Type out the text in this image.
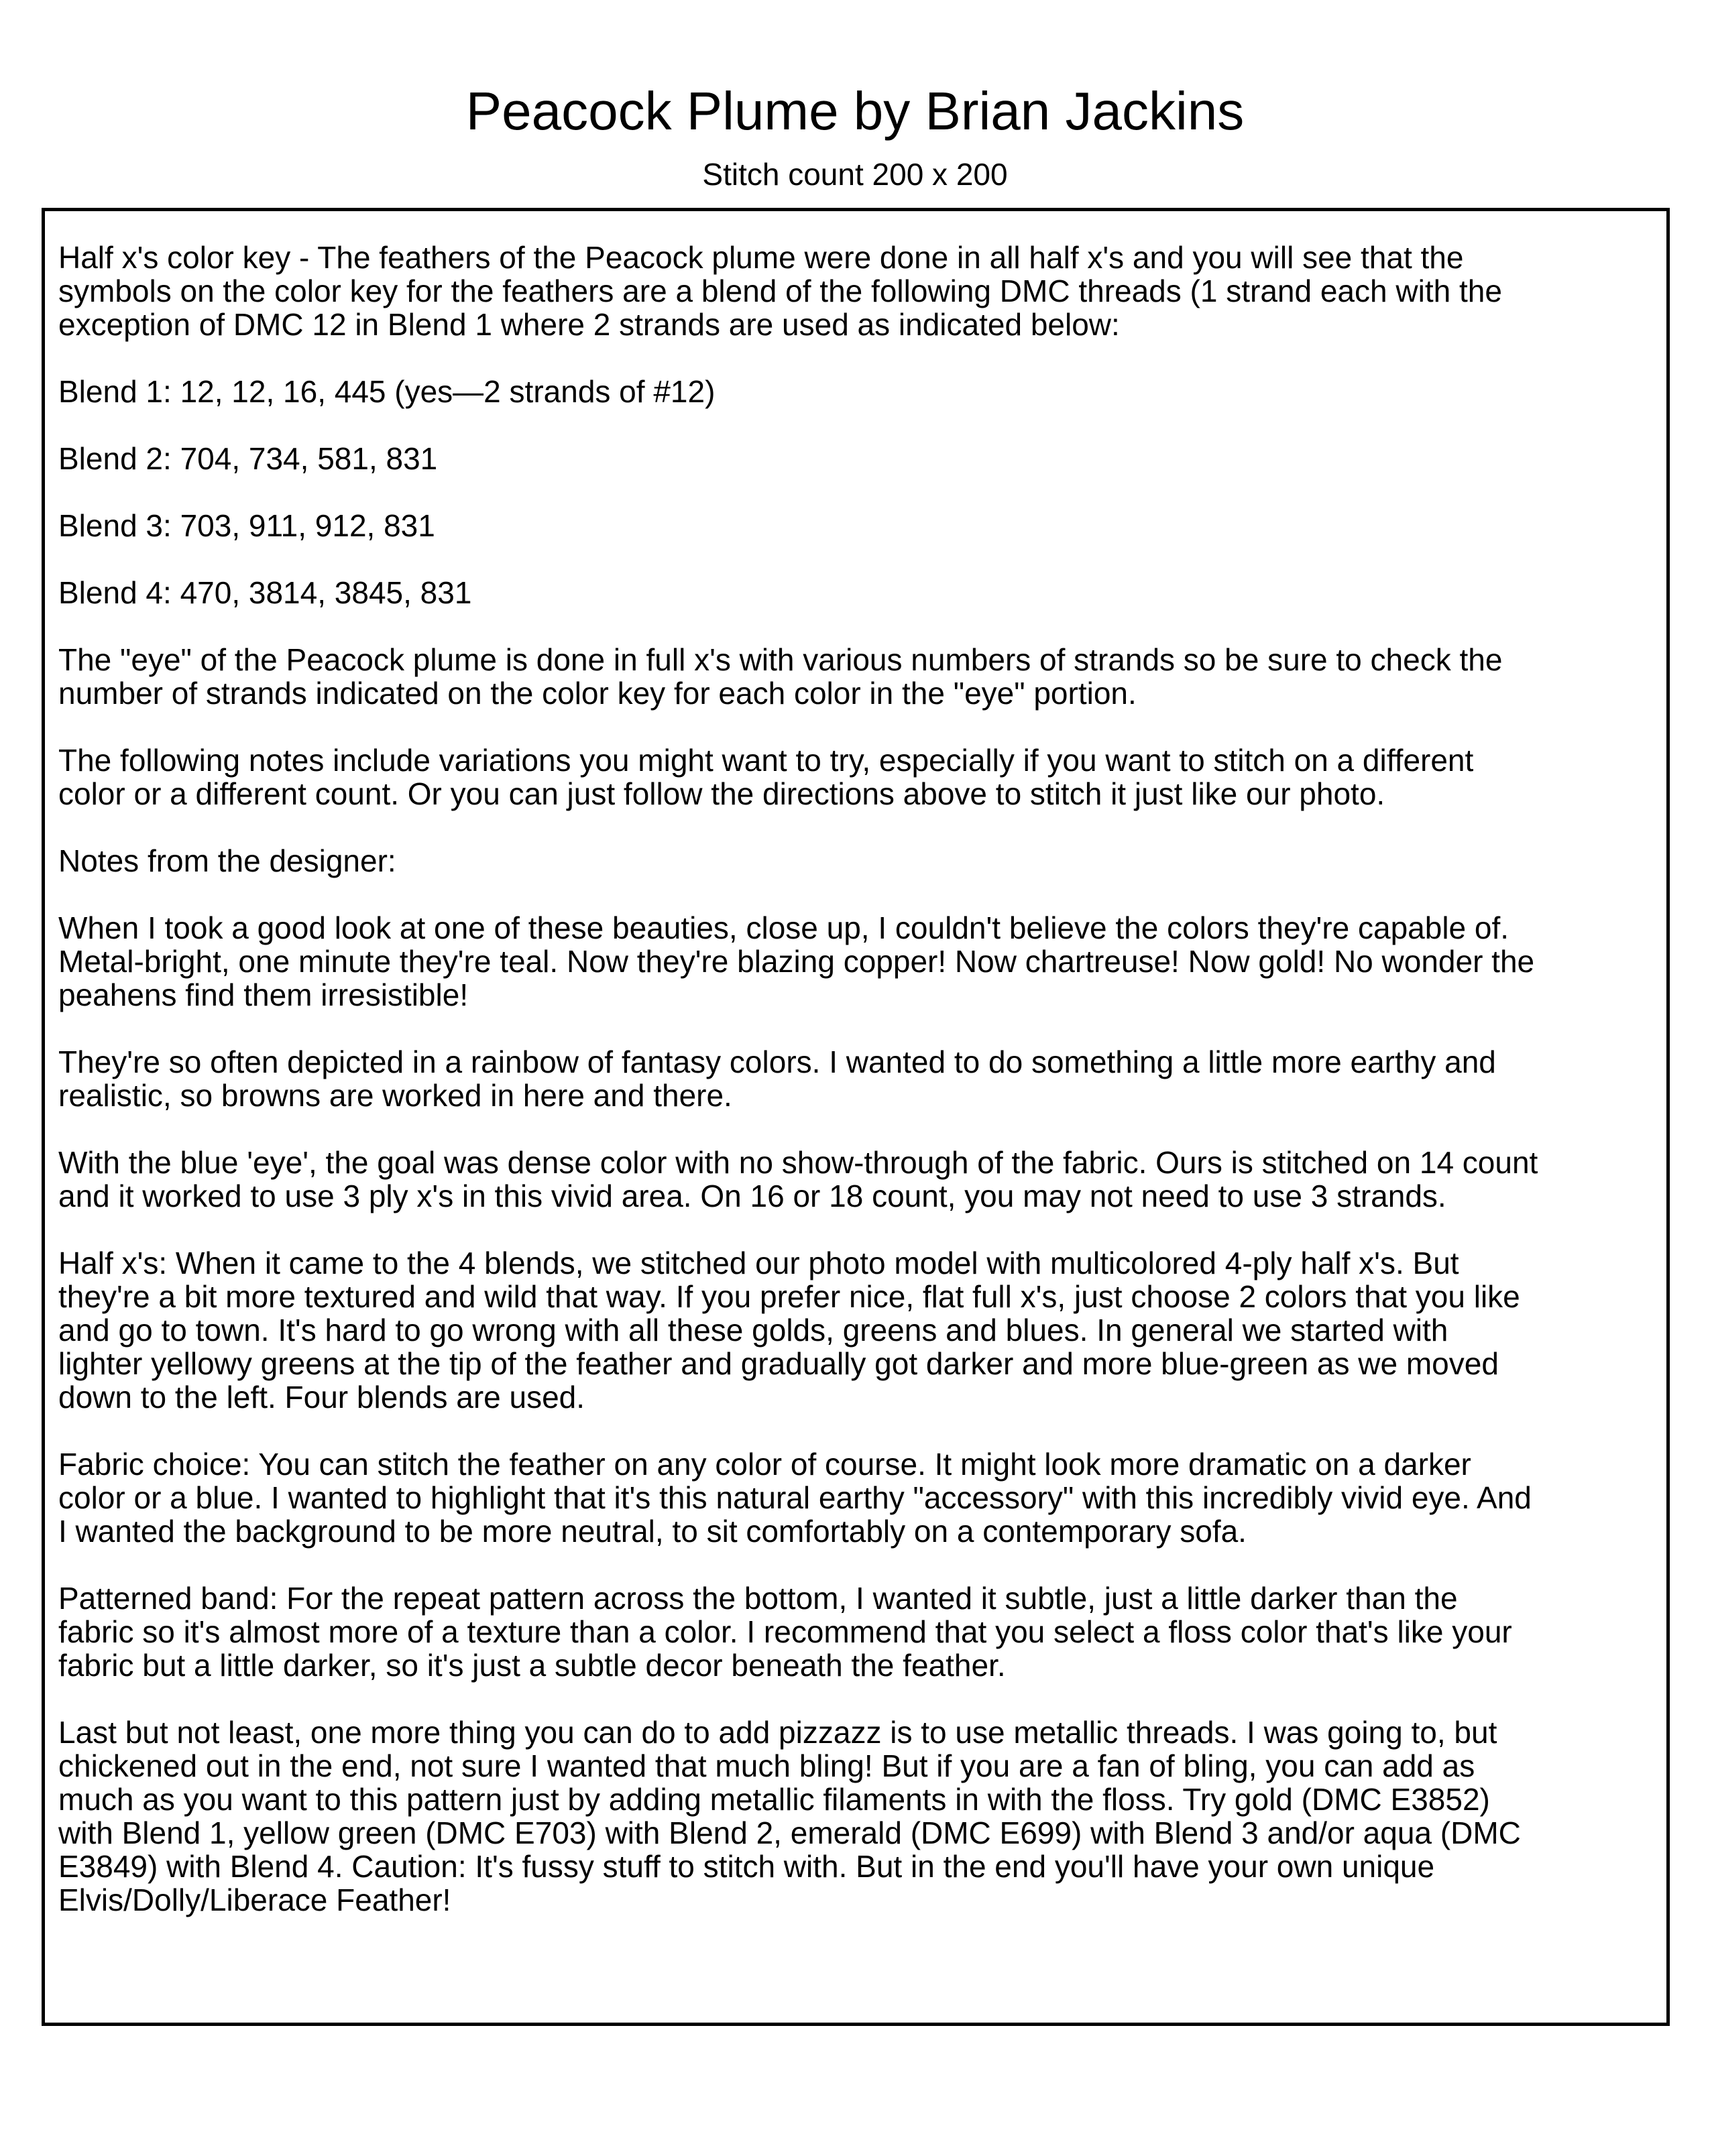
Peacock Plume by Brian Jackins
Stitch count 200 x 200
Half x's color key - The feathers of the Peacock plume were done in all half x's and you will see that the
symbols on the color key for the feathers are a blend of the following DMC threads (1 strand each with the
exception of DMC 12 in Blend 1 where 2 strands are used as indicated below:
Blend 1: 12, 12, 16, 445 (yes—2 strands of #12)
Blend 2: 704, 734, 581, 831
Blend 3: 703, 911, 912, 831
Blend 4: 470, 3814, 3845, 831
The "eye" of the Peacock plume is done in full x's with various numbers of strands so be sure to check the
number of strands indicated on the color key for each color in the "eye" portion.
The following notes include variations you might want to try, especially if you want to stitch on a different
color or a different count. Or you can just follow the directions above to stitch it just like our photo.
Notes from the designer:
When I took a good look at one of these beauties, close up, I couldn't believe the colors they're capable of.
Metal-bright, one minute they're teal. Now they're blazing copper! Now chartreuse! Now gold! No wonder the
peahens find them irresistible!
They're so often depicted in a rainbow of fantasy colors. I wanted to do something a little more earthy and
realistic, so browns are worked in here and there.
With the blue 'eye', the goal was dense color with no show-through of the fabric. Ours is stitched on 14 count
and it worked to use 3 ply x's in this vivid area. On 16 or 18 count, you may not need to use 3 strands.
Half x's: When it came to the 4 blends, we stitched our photo model with multicolored 4-ply half x's. But
they're a bit more textured and wild that way. If you prefer nice, flat full x's, just choose 2 colors that you like
and go to town. It's hard to go wrong with all these golds, greens and blues. In general we started with
lighter yellowy greens at the tip of the feather and gradually got darker and more blue-green as we moved
down to the left. Four blends are used.
Fabric choice: You can stitch the feather on any color of course. It might look more dramatic on a darker
color or a blue. I wanted to highlight that it's this natural earthy "accessory" with this incredibly vivid eye. And
I wanted the background to be more neutral, to sit comfortably on a contemporary sofa.
Patterned band: For the repeat pattern across the bottom, I wanted it subtle, just a little darker than the
fabric so it's almost more of a texture than a color. I recommend that you select a floss color that's like your
fabric but a little darker, so it's just a subtle decor beneath the feather.
Last but not least, one more thing you can do to add pizzazz is to use metallic threads. I was going to, but
chickened out in the end, not sure I wanted that much bling! But if you are a fan of bling, you can add as
much as you want to this pattern just by adding metallic filaments in with the floss. Try gold (DMC E3852)
with Blend 1, yellow green (DMC E703) with Blend 2, emerald (DMC E699) with Blend 3 and/or aqua (DMC
E3849) with Blend 4. Caution: It's fussy stuff to stitch with. But in the end you'll have your own unique
Elvis/Dolly/Liberace Feather!
